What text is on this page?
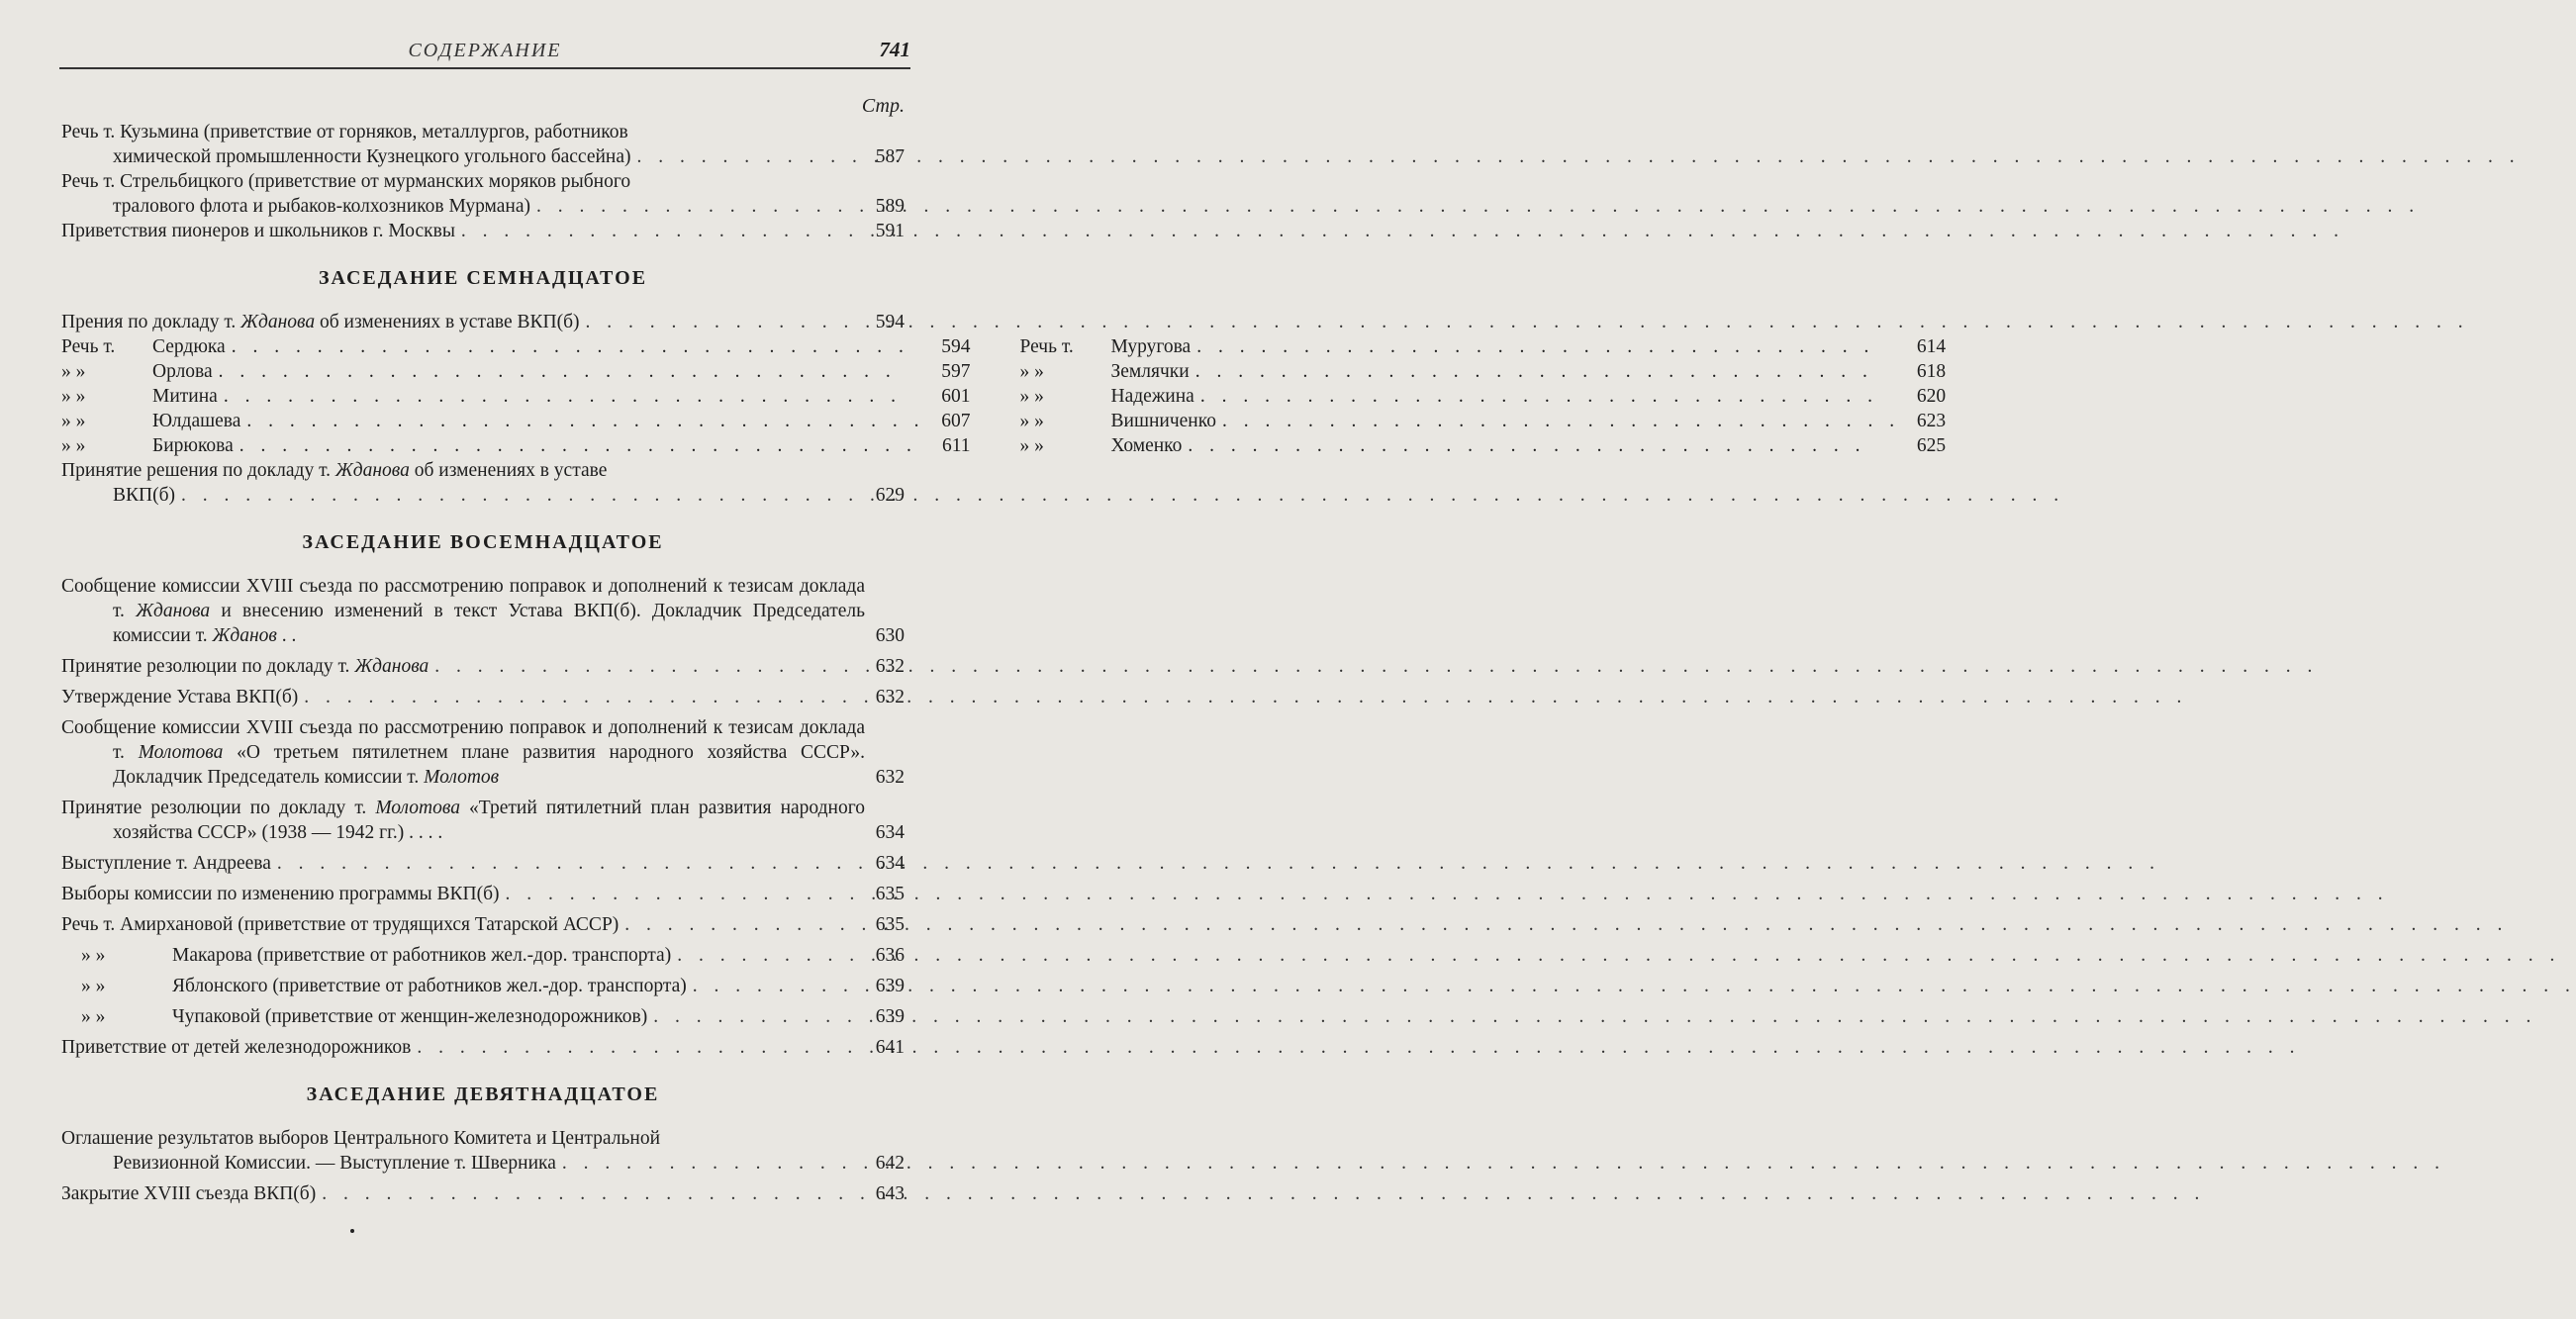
СОДЕРЖАНИЕ	741
Стр.
Речь т. Кузьмина (приветствие от горняков, металлургов, работников
химической промышленности Кузнецкого угольного бассейна) . . .	587
Речь т. Стрельбицкого (приветствие от мурманских моряков рыбного
тралового флота и рыбаков-колхозников Мурмана) . . .	589
Приветствия пионеров и школьников г. Москвы . . .	591
ЗАСЕДАНИЕ СЕМНАДЦАТОЕ
Прения по докладу т. Жданова об изменениях в уставе ВКП(б) . . .	594
Речь т.	Сердюка . . .	594
» »	Орлова . . .	597
» »	Митина . . .	601
» »	Юлдашева . . .	607
» »	Бирюкова . . .	611
Речь т.	Муругова . . .	614
» »	Землячки . . .	618
» »	Надежина . . .	620
» »	Вишниченко . . .	623
» »	Хоменко . . .	625
Принятие решения по докладу т. Жданова об изменениях в уставе
ВКП(б) . . .	629
ЗАСЕДАНИЕ ВОСЕМНАДЦАТОЕ
Сообщение комиссии XVIII съезда по рассмотрению поправок и дополнений к тезисам доклада т. Жданова и внесению изменений в текст Устава ВКП(б). Докладчик Председатель комиссии т. Жданов . .	630
Принятие резолюции по докладу т. Жданова . . .	632
Утверждение Устава ВКП(б) . . .	632
Сообщение комиссии XVIII съезда по рассмотрению поправок и дополнений к тезисам доклада т. Молотова «О третьем пятилетнем плане развития народного хозяйства СССР». Докладчик Председатель комиссии т. Молотов	632
Принятие резолюции по докладу т. Молотова «Третий пятилетний план развития народного хозяйства СССР» (1938 — 1942 гг.) . . . .	634
Выступление т. Андреева . . .	634
Выборы комиссии по изменению программы ВКП(б) . . .	635
Речь т. Амирхановой (приветствие от трудящихся Татарской АССР) . . .	635
» »	Макарова (приветствие от работников жел.-дор. транспорта) . . .	636
» »	Яблонского (приветствие от работников жел.-дор. транспорта) . . .	639
» »	Чупаковой (приветствие от женщин-железнодорожников) . . .	639
Приветствие от детей железнодорожников . . .	641
ЗАСЕДАНИЕ ДЕВЯТНАДЦАТОЕ
Оглашение результатов выборов Центрального Комитета и Центральной
Ревизионной Комиссии. — Выступление т. Шверника . . .	642
Закрытие XVIII съезда ВКП(б) . . .	643
